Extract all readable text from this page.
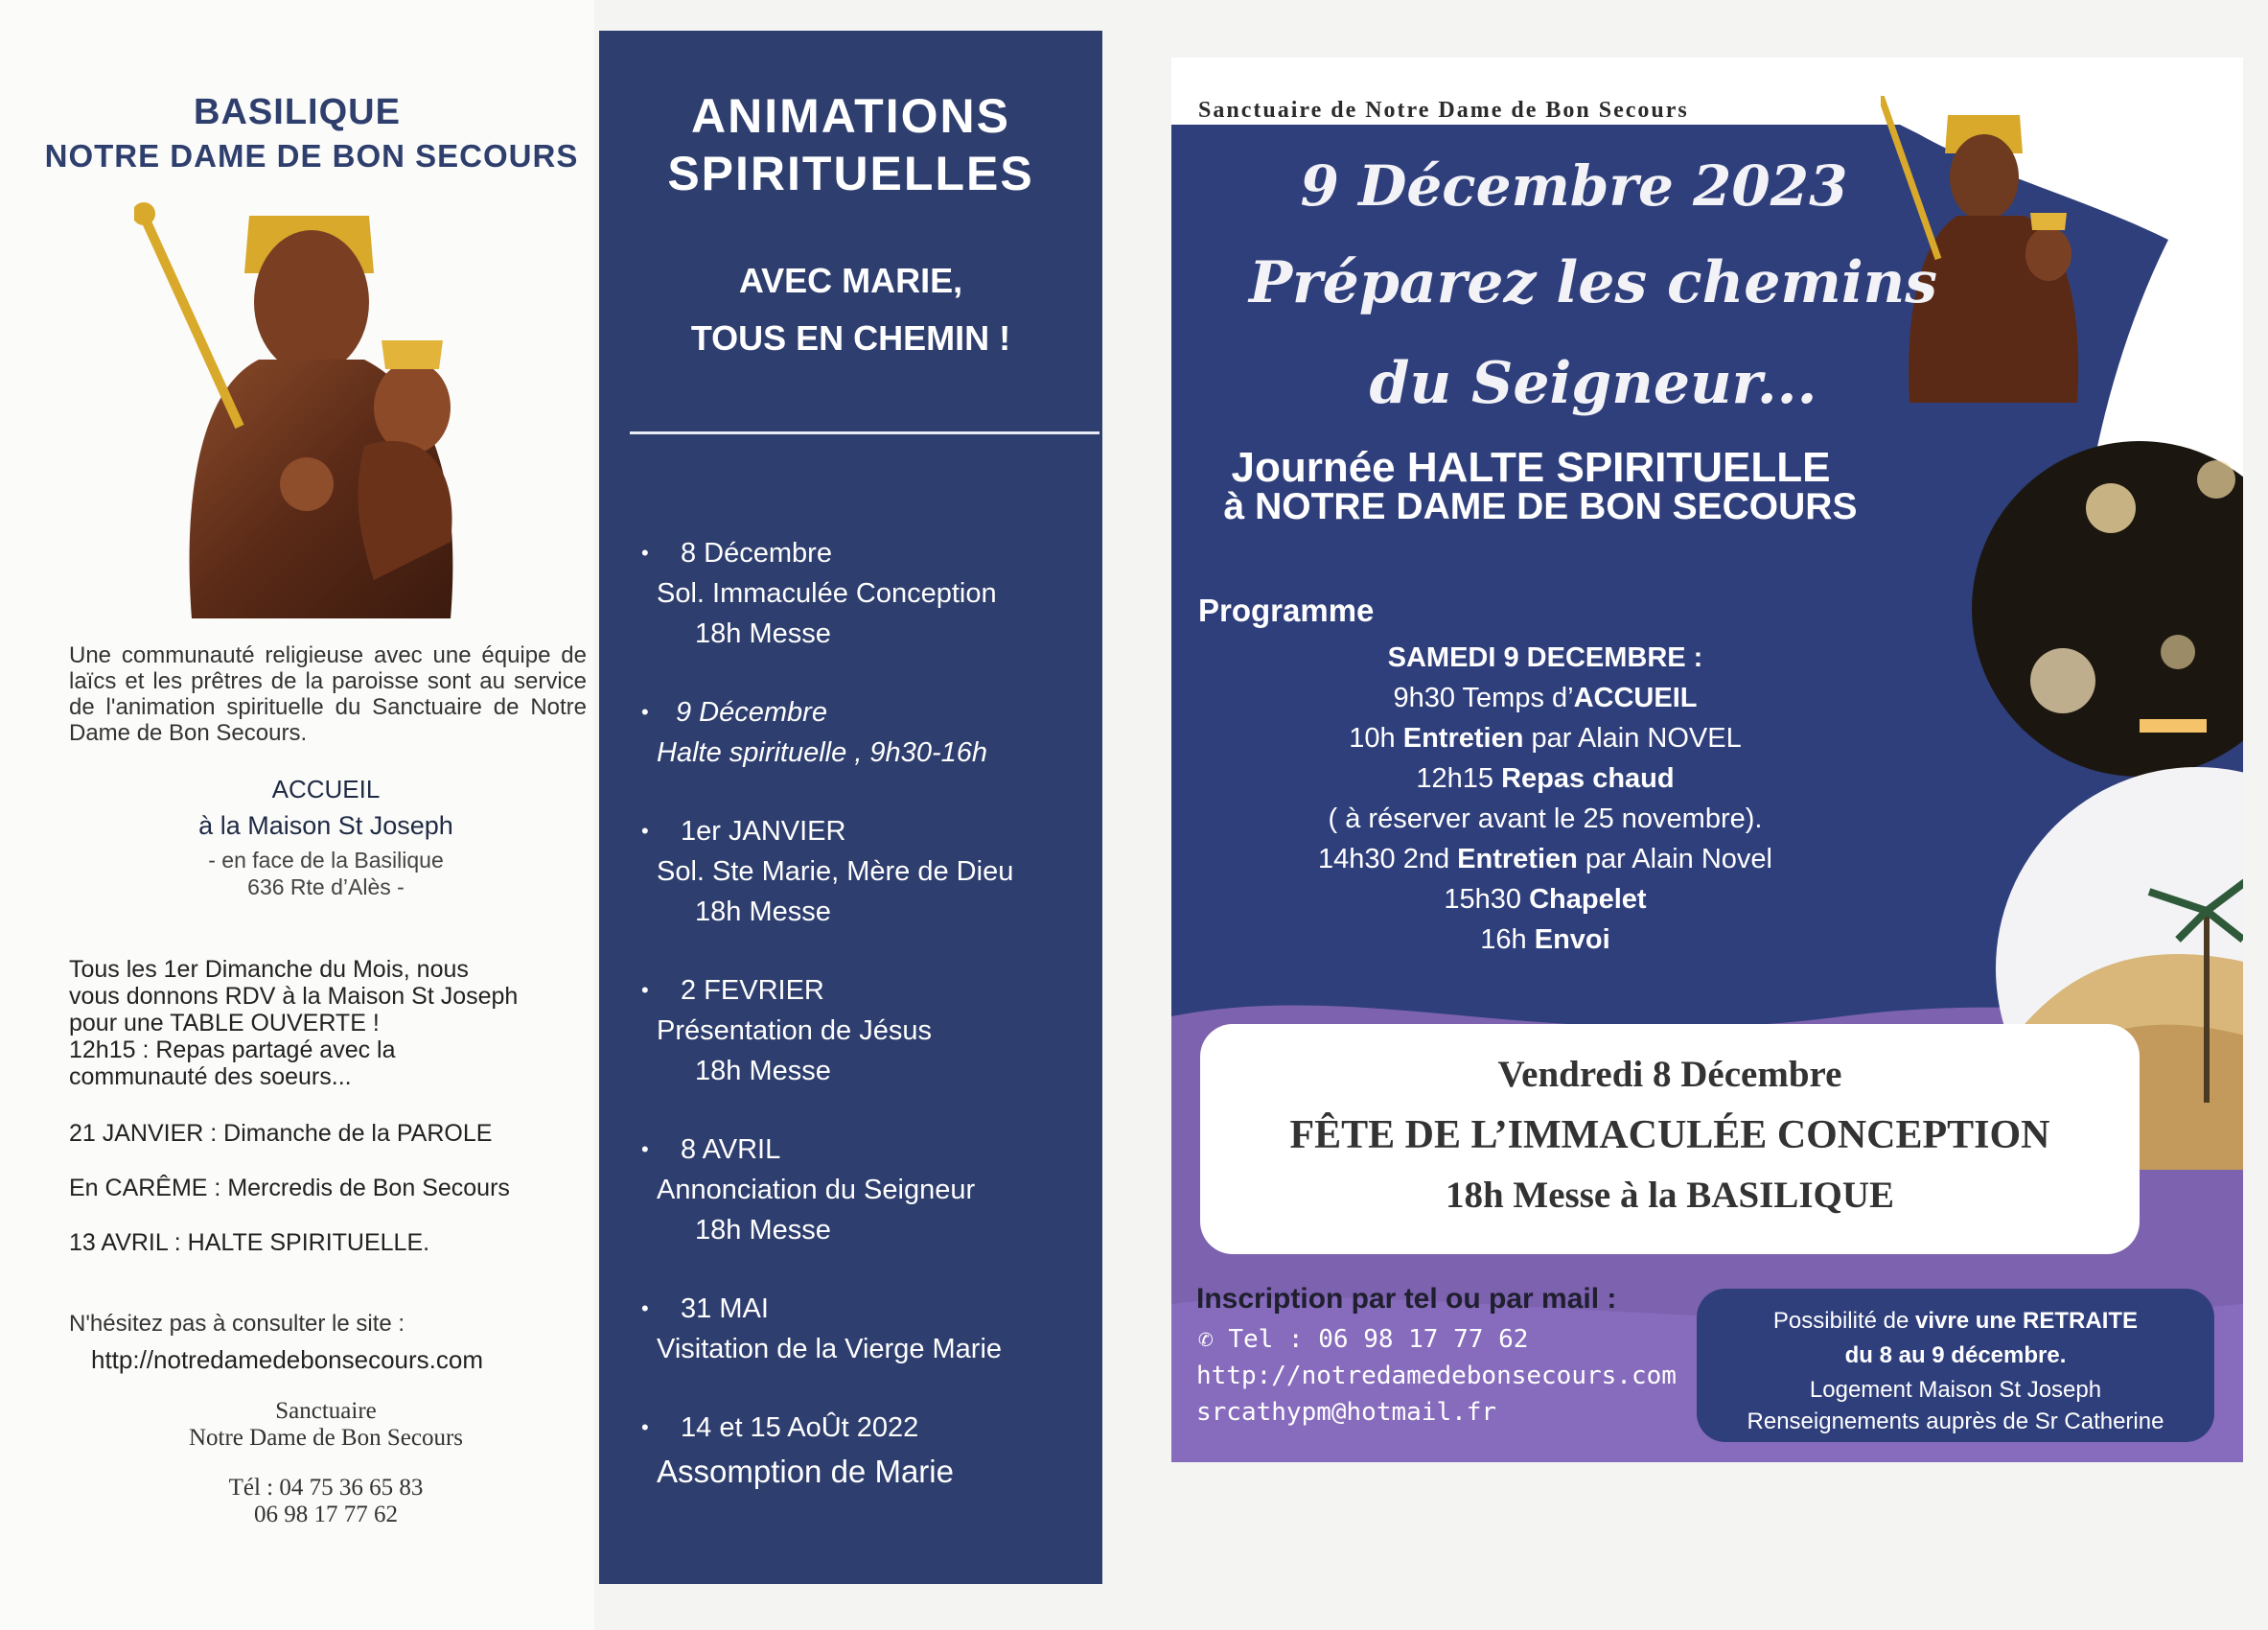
BASILIQUE
NOTRE DAME DE BON SECOURS
Une communauté religieuse avec une équipe de laïcs et les prêtres de la paroisse sont au service de l'animation spirituelle du Sanctuaire de Notre Dame de Bon Secours.
ACCUEIL
à la Maison St Joseph
- en face de la Basilique
636 Rte d’Alès -
Tous les 1er Dimanche du Mois, nous
vous donnons RDV à la Maison St Joseph
pour une TABLE OUVERTE !
12h15 : Repas partagé avec la
communauté des soeurs...
21 JANVIER : Dimanche de la PAROLE
En CARÊME : Mercredis de Bon Secours
13 AVRIL : HALTE SPIRITUELLE.
N'hésitez pas à consulter le site :
http://notredamedebonsecours.com
Sanctuaire
Notre Dame de Bon Secours
Tél : 04 75 36 65 83
06 98 17 77 62
ANIMATIONS
SPIRITUELLES
AVEC MARIE,
TOUS EN CHEMIN !
•	8 Décembre
Sol. Immaculée Conception
18h Messe
• 9 Décembre
Halte spirituelle , 9h30-16h
•	1er JANVIER
Sol. Ste Marie, Mère de Dieu
18h Messe
•	2 FEVRIER
Présentation de Jésus
18h Messe
•	8 AVRIL
Annonciation du Seigneur
18h Messe
•	31 MAI
Visitation de la Vierge Marie
•	14 et 15 AoÛt 2022
Assomption de Marie
Sanctuaire de Notre Dame de Bon Secours
9 Décembre 2023
Préparez les chemins
du Seigneur...
Journée HALTE SPIRITUELLE
à NOTRE DAME DE BON SECOURS
Programme
SAMEDI 9 DECEMBRE :
9h30 Temps d’ACCUEIL
10h Entretien par Alain NOVEL
12h15 Repas chaud
( à réserver avant le 25 novembre).
14h30 2nd Entretien par Alain Novel
15h30 Chapelet
16h Envoi
Vendredi 8 Décembre
FÊTE DE L’IMMACULÉE CONCEPTION
18h Messe à la BASILIQUE
Inscription par tel ou par mail :
✆ Tel : 06 98 17 77 62
http://notredamedebonsecours.com
srcathypm@hotmail.fr
Possibilité de vivre une RETRAITE
du 8 au 9 décembre.
Logement Maison St Joseph
Renseignements auprès de Sr Catherine
